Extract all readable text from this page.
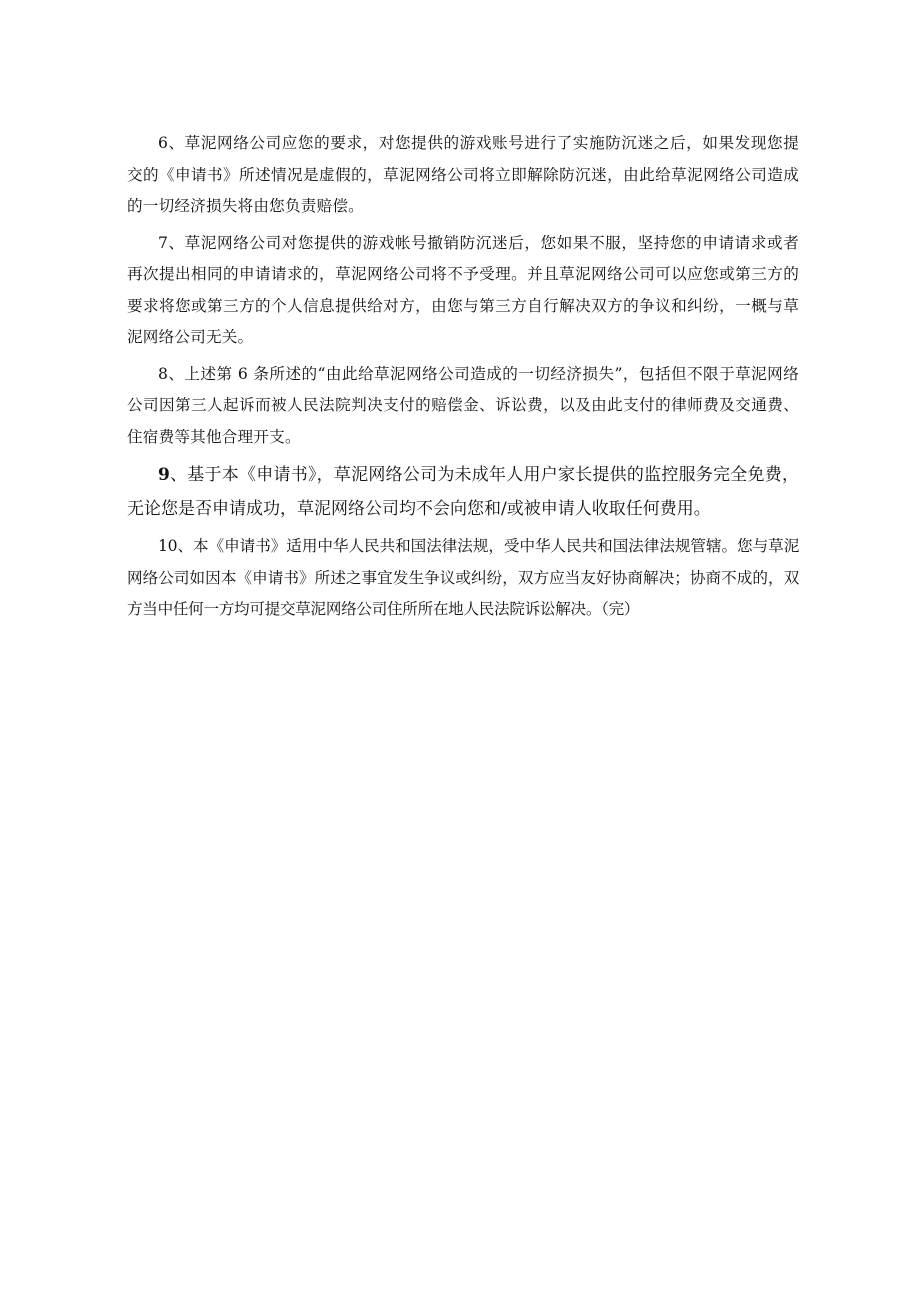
6、草泥网络公司应您的要求，对您提供的游戏账号进行了实施防沉迷之后，如果发现您提交的《申请书》所述情况是虚假的，草泥网络公司将立即解除防沉迷，由此给草泥网络公司造成的一切经济损失将由您负责赔偿。

7、草泥网络公司对您提供的游戏帐号撤销防沉迷后，您如果不服，坚持您的申请请求或者再次提出相同的申请请求的，草泥网络公司将不予受理。并且草泥网络公司可以应您或第三方的要求将您或第三方的个人信息提供给对方，由您与第三方自行解决双方的争议和纠纷，一概与草泥网络公司无关。

8、上述第 6 条所述的“由此给草泥网络公司造成的一切经济损失”，包括但不限于草泥网络公司因第三人起诉而被人民法院判决支付的赔偿金、诉讼费，以及由此支付的律师费及交通费、住宿费等其他合理开支。

9、基于本《申请书》，草泥网络公司为未成年人用户家长提供的监控服务完全免费，无论您是否申请成功，草泥网络公司均不会向您和/或被申请人收取任何费用。

10、本《申请书》适用中华人民共和国法律法规，受中华人民共和国法律法规管辖。您与草泥网络公司如因本《申请书》所述之事宜发生争议或纠纷，双方应当友好协商解决；协商不成的，双方当中任何一方均可提交草泥网络公司住所所在地人民法院诉讼解决。（完）
